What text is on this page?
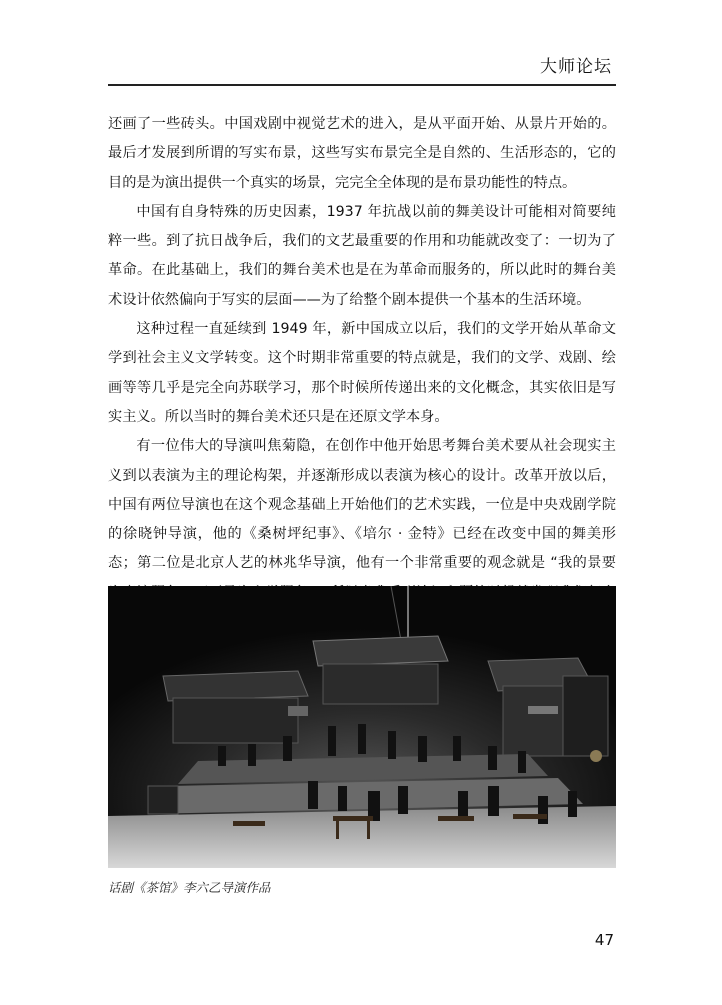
大师论坛

还画了一些砖头。中国戏剧中视觉艺术的进入，是从平面开始、从景片开始的。最后才发展到所谓的写实布景，这些写实布景完全是自然的、生活形态的，它的目的是为演出提供一个真实的场景，完完全全体现的是布景功能性的特点。

中国有自身特殊的历史因素，1937 年抗战以前的舞美设计可能相对简要纯粹一些。到了抗日战争后，我们的文艺最重要的作用和功能就改变了：一切为了革命。在此基础上，我们的舞台美术也是在为革命而服务的，所以此时的舞台美术设计依然偏向于写实的层面——为了给整个剧本提供一个基本的生活环境。

这种过程一直延续到 1949 年，新中国成立以后，我们的文学开始从革命文学到社会主义文学转变。这个时期非常重要的特点就是，我们的文学、戏剧、绘画等等几乎是完全向苏联学习，那个时候所传递出来的文化概念，其实依旧是写实主义。所以当时的舞台美术还只是在还原文学本身。

有一位伟大的导演叫焦菊隐，在创作中他开始思考舞台美术要从社会现实主义到以表演为主的理论构架，并逐渐形成以表演为核心的设计。改革开放以后，中国有两位导演也在这个观念基础上开始他们的艺术实践，一位是中央戏剧学院的徐晓钟导演，他的《桑树坪纪事》、《培尔 · 金特》已经在改变中国的舞美形态；第二位是北京人艺的林兆华导演，他有一个非常重要的观念就是 “我的景要

话剧《茶馆》李六乙导演作品
47
